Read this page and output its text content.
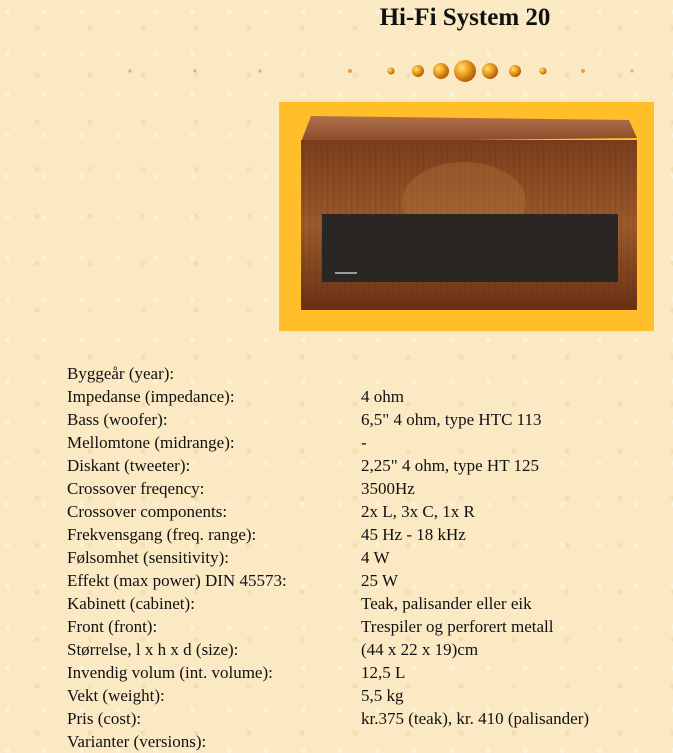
Hi-Fi System 20
Byggeår (year):	
Impedanse (impedance):	4 ohm
Bass (woofer):	6,5" 4 ohm, type HTC 113
Mellomtone (midrange):	-
Diskant (tweeter):	2,25" 4 ohm, type HT 125
Crossover freqency:	3500Hz
Crossover components:	2x L, 3x C, 1x R
Frekvensgang (freq. range):	45 Hz - 18 kHz
Følsomhet (sensitivity):	4 W
Effekt (max power) DIN 45573:	25 W
Kabinett (cabinet):	Teak, palisander eller eik
Front (front):	Trespiler og perforert metall
Størrelse, l x h x d (size):	(44 x 22 x 19)cm
Invendig volum (int. volume):	12,5 L
Vekt (weight):	5,5 kg
Pris (cost):	kr.375 (teak), kr. 410 (palisander)
Varianter (versions):	
